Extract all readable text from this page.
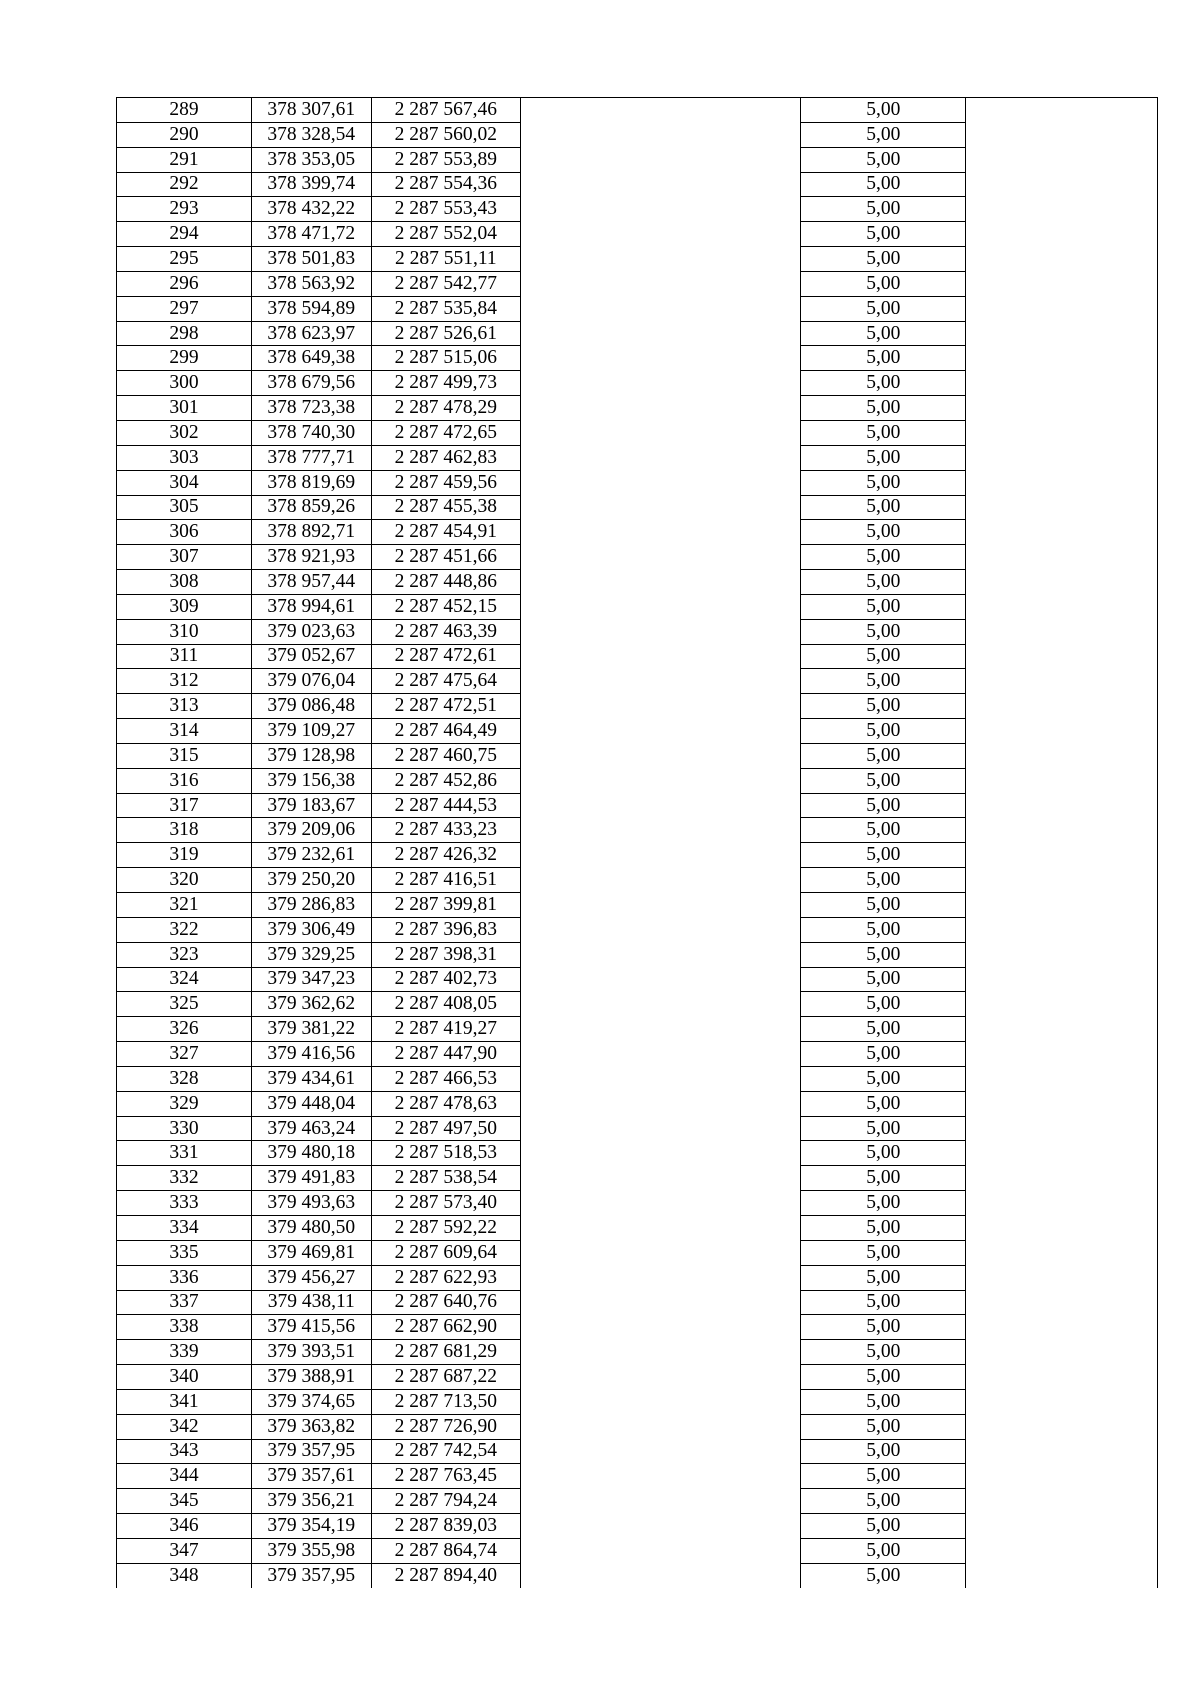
289	378 307,61	2 287 567,46		5,00	
290	378 328,54	2 287 560,02		5,00	
291	378 353,05	2 287 553,89		5,00	
292	378 399,74	2 287 554,36		5,00	
293	378 432,22	2 287 553,43		5,00	
294	378 471,72	2 287 552,04		5,00	
295	378 501,83	2 287 551,11		5,00	
296	378 563,92	2 287 542,77		5,00	
297	378 594,89	2 287 535,84		5,00	
298	378 623,97	2 287 526,61		5,00	
299	378 649,38	2 287 515,06		5,00	
300	378 679,56	2 287 499,73		5,00	
301	378 723,38	2 287 478,29		5,00	
302	378 740,30	2 287 472,65		5,00	
303	378 777,71	2 287 462,83		5,00	
304	378 819,69	2 287 459,56		5,00	
305	378 859,26	2 287 455,38		5,00	
306	378 892,71	2 287 454,91		5,00	
307	378 921,93	2 287 451,66		5,00	
308	378 957,44	2 287 448,86		5,00	
309	378 994,61	2 287 452,15		5,00	
310	379 023,63	2 287 463,39		5,00	
311	379 052,67	2 287 472,61		5,00	
312	379 076,04	2 287 475,64		5,00	
313	379 086,48	2 287 472,51		5,00	
314	379 109,27	2 287 464,49		5,00	
315	379 128,98	2 287 460,75		5,00	
316	379 156,38	2 287 452,86		5,00	
317	379 183,67	2 287 444,53		5,00	
318	379 209,06	2 287 433,23		5,00	
319	379 232,61	2 287 426,32		5,00	
320	379 250,20	2 287 416,51		5,00	
321	379 286,83	2 287 399,81		5,00	
322	379 306,49	2 287 396,83		5,00	
323	379 329,25	2 287 398,31		5,00	
324	379 347,23	2 287 402,73		5,00	
325	379 362,62	2 287 408,05		5,00	
326	379 381,22	2 287 419,27		5,00	
327	379 416,56	2 287 447,90		5,00	
328	379 434,61	2 287 466,53		5,00	
329	379 448,04	2 287 478,63		5,00	
330	379 463,24	2 287 497,50		5,00	
331	379 480,18	2 287 518,53		5,00	
332	379 491,83	2 287 538,54		5,00	
333	379 493,63	2 287 573,40		5,00	
334	379 480,50	2 287 592,22		5,00	
335	379 469,81	2 287 609,64		5,00	
336	379 456,27	2 287 622,93		5,00	
337	379 438,11	2 287 640,76		5,00	
338	379 415,56	2 287 662,90		5,00	
339	379 393,51	2 287 681,29		5,00	
340	379 388,91	2 287 687,22		5,00	
341	379 374,65	2 287 713,50		5,00	
342	379 363,82	2 287 726,90		5,00	
343	379 357,95	2 287 742,54		5,00	
344	379 357,61	2 287 763,45		5,00	
345	379 356,21	2 287 794,24		5,00	
346	379 354,19	2 287 839,03		5,00	
347	379 355,98	2 287 864,74		5,00	
348	379 357,95	2 287 894,40		5,00	
